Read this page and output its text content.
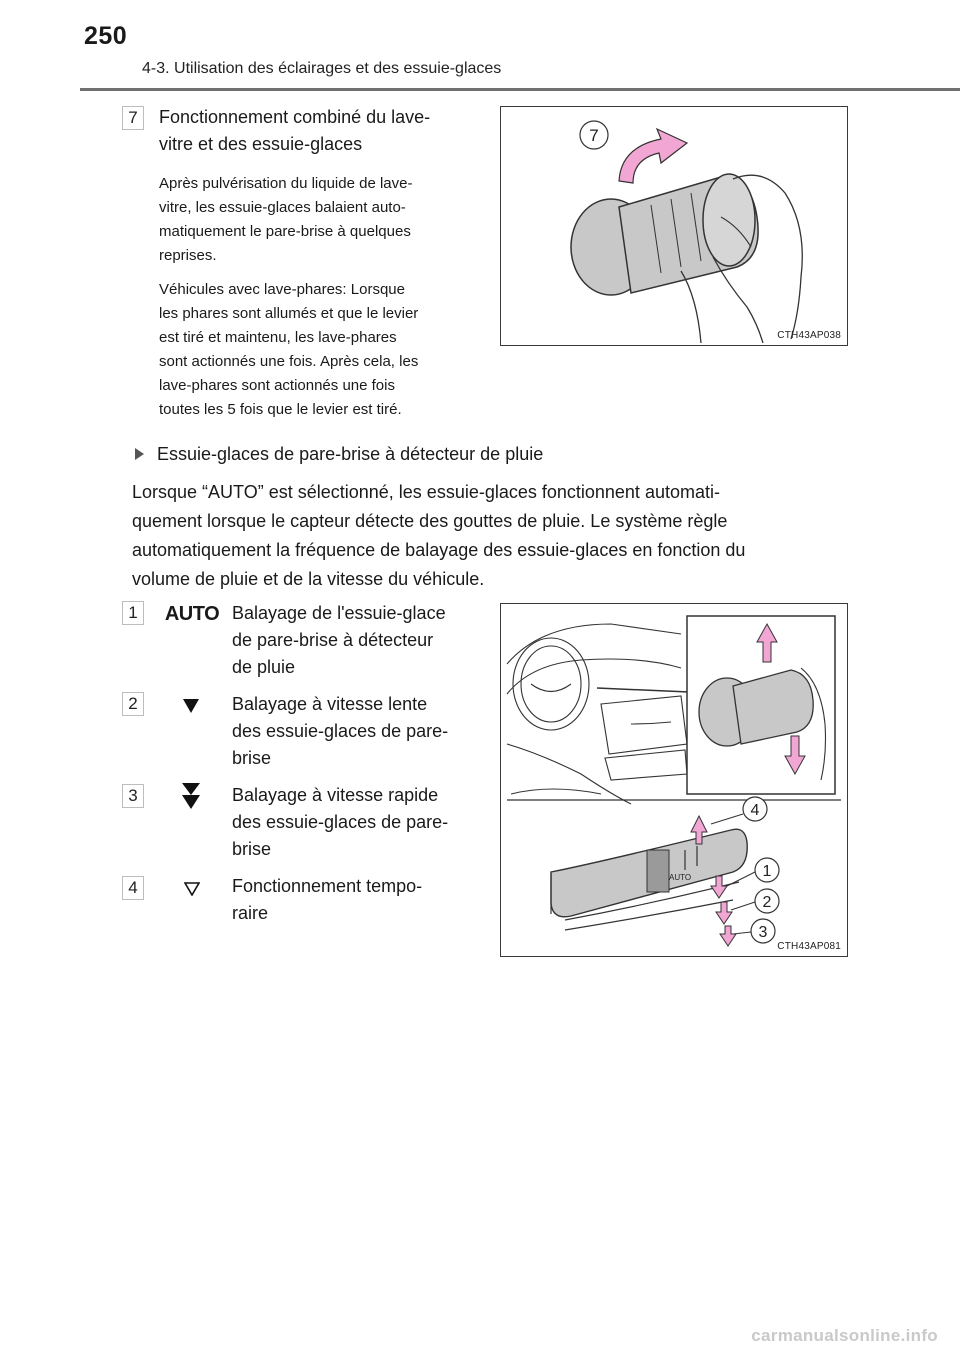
250
4-3. Utilisation des éclairages et des essuie-glaces
7	Fonctionnement combiné du lave-
vitre et des essuie-glaces
Après pulvérisation du liquide de lave-
vitre, les essuie-glaces balaient auto-
matiquement le pare-brise à quelques
reprises.
Véhicules avec lave-phares: Lorsque
les phares sont allumés et que le levier
est tiré et maintenu, les lave-phares
sont actionnés une fois. Après cela, les
lave-phares sont actionnés une fois
toutes les 5 fois que le levier est tiré.
7
CTH43AP038
Essuie-glaces de pare-brise à détecteur de pluie
Lorsque “AUTO” est sélectionné, les essuie-glaces fonctionnent automati-
quement lorsque le capteur détecte des gouttes de pluie. Le système règle
automatiquement la fréquence de balayage des essuie-glaces en fonction du
volume de pluie et de la vitesse du véhicule.
1	AUTO Balayage de l'essuie-glace
de pare-brise à détecteur
de pluie
2	Balayage à vitesse lente
des essuie-glaces de pare-
brise
3	Balayage à vitesse rapide
des essuie-glaces de pare-
brise
4	Fonctionnement tempo-
raire
AUTO
4
1
2
3
CTH43AP081
carmanualsonline.info
